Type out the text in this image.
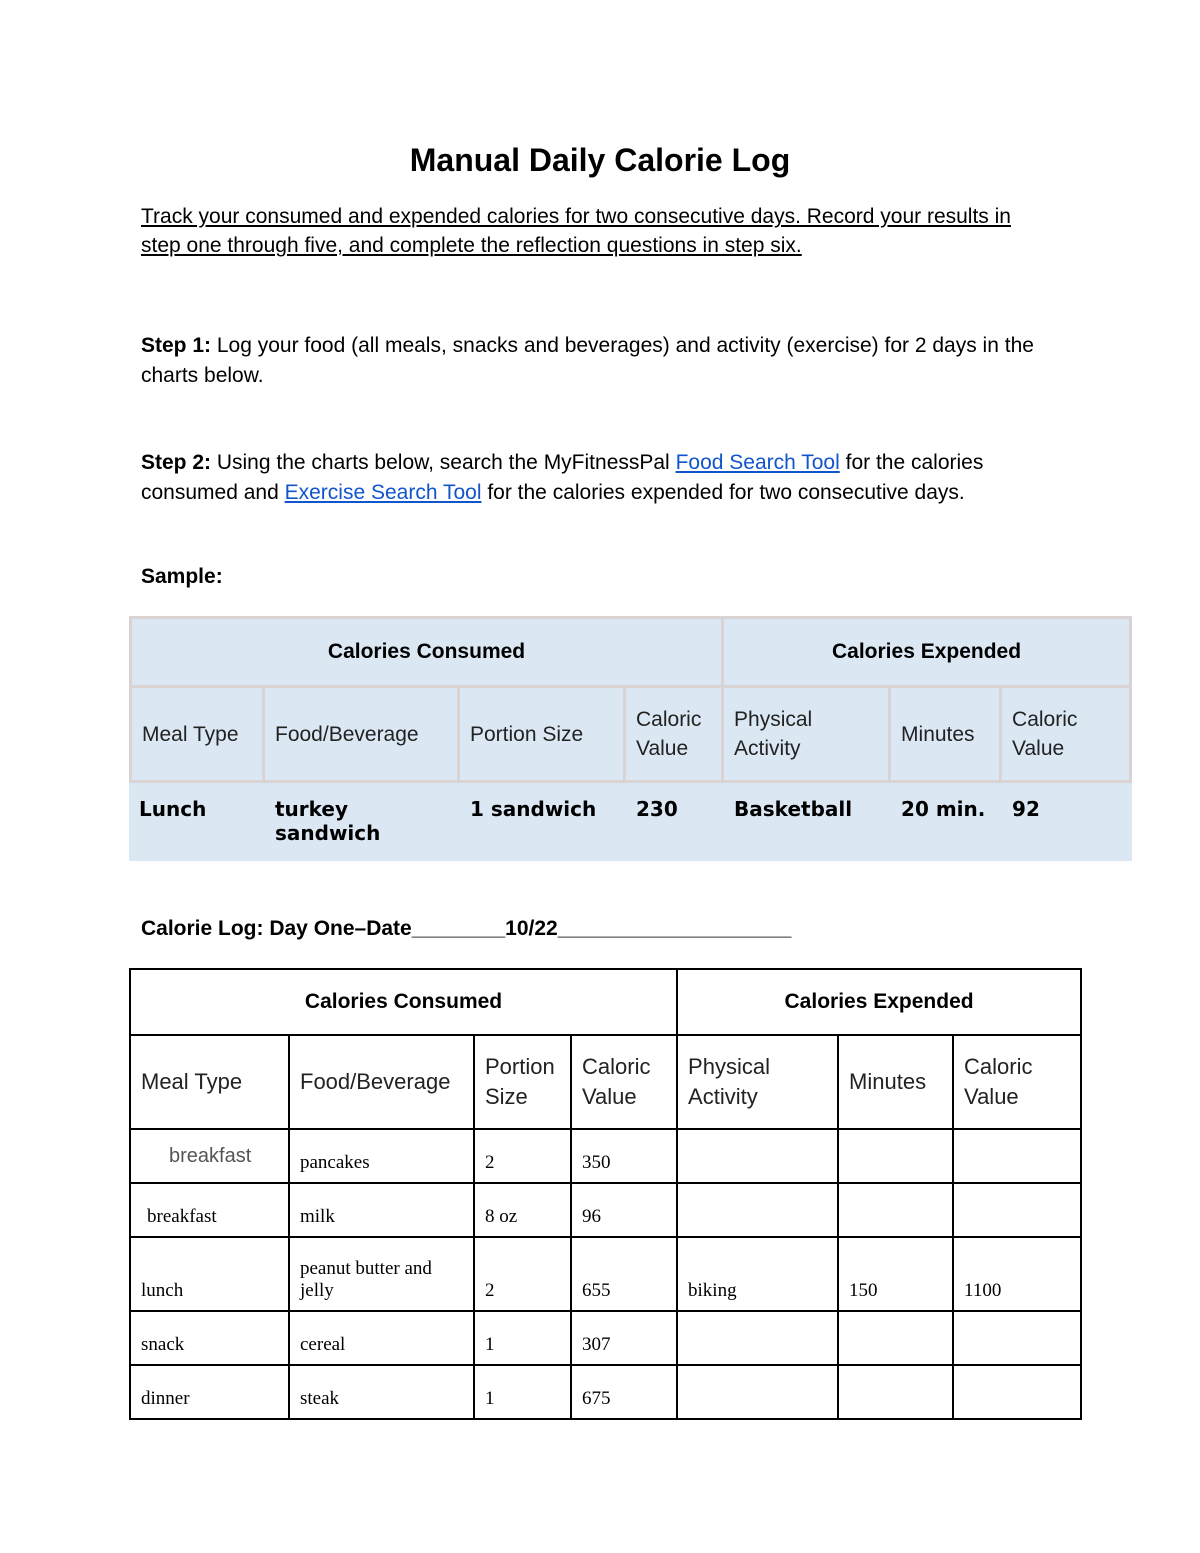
Manual Daily Calorie Log

Track your consumed and expended calories for two consecutive days. Record your results in step one through five, and complete the reflection questions in step six.

Step 1: Log your food (all meals, snacks and beverages) and activity (exercise) for 2 days in the charts below.

Step 2: Using the charts below, search the MyFitnessPal Food Search Tool for the calories consumed and Exercise Search Tool for the calories expended for two consecutive days.

Sample:

Calories Consumed				Calories Expended		
Meal Type	Food/Beverage	Portion Size	Caloric Value	Physical Activity	Minutes	Caloric Value
Lunch	turkey sandwich	1 sandwich	230	Basketball	20 min.	92

Calorie Log: Day One–Date________10/22____________________

Calories Consumed				Calories Expended		
Meal Type	Food/Beverage	Portion Size	Caloric Value	Physical Activity	Minutes	Caloric Value
breakfast	pancakes	2	350			
breakfast	milk	8 oz	96			
lunch	peanut butter and jelly	2	655	biking	150	1100
snack	cereal	1	307			
dinner	steak	1	675			
